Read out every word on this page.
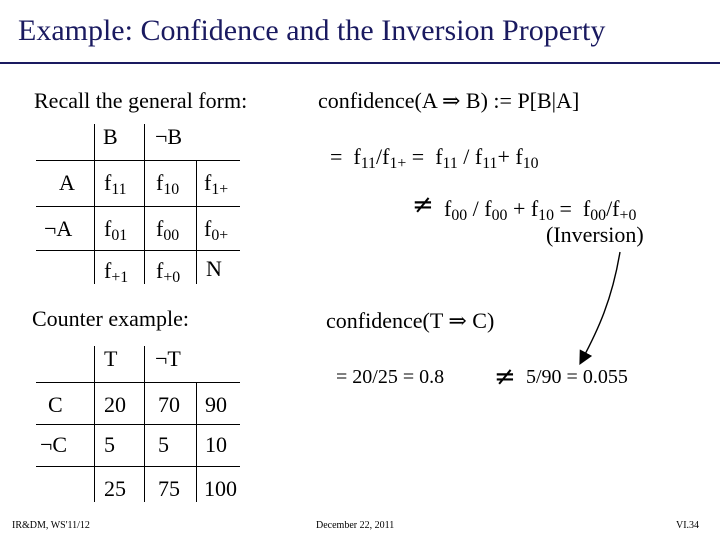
Example: Confidence and the Inversion Property
Recall the general form:
B ¬B
A $f_{11}$ $f_{10}$ $f_{1+}$
¬A $f_{01}$ $f_{00}$ $f_{0+}$
$f_{+1}$ $f_{+0}$ N
Counter example:
T ¬T
C 20 70 90
¬C 5 5 10
25 75 100
confidence(A ⇒ B) := P[B|A]
=  $f_{11}/f_{1+} = f_{11} / f_{11}+ f_{10}$
≠ $f_{00} / f_{00} + f_{10} = f_{00}/f_{+0}$
(Inversion)
confidence(T ⇒ C)
= 20/25 = 0.8 ≠ 5/90 = 0.055
IR&DM, WS'11/12	December 22, 2011	VI.34
